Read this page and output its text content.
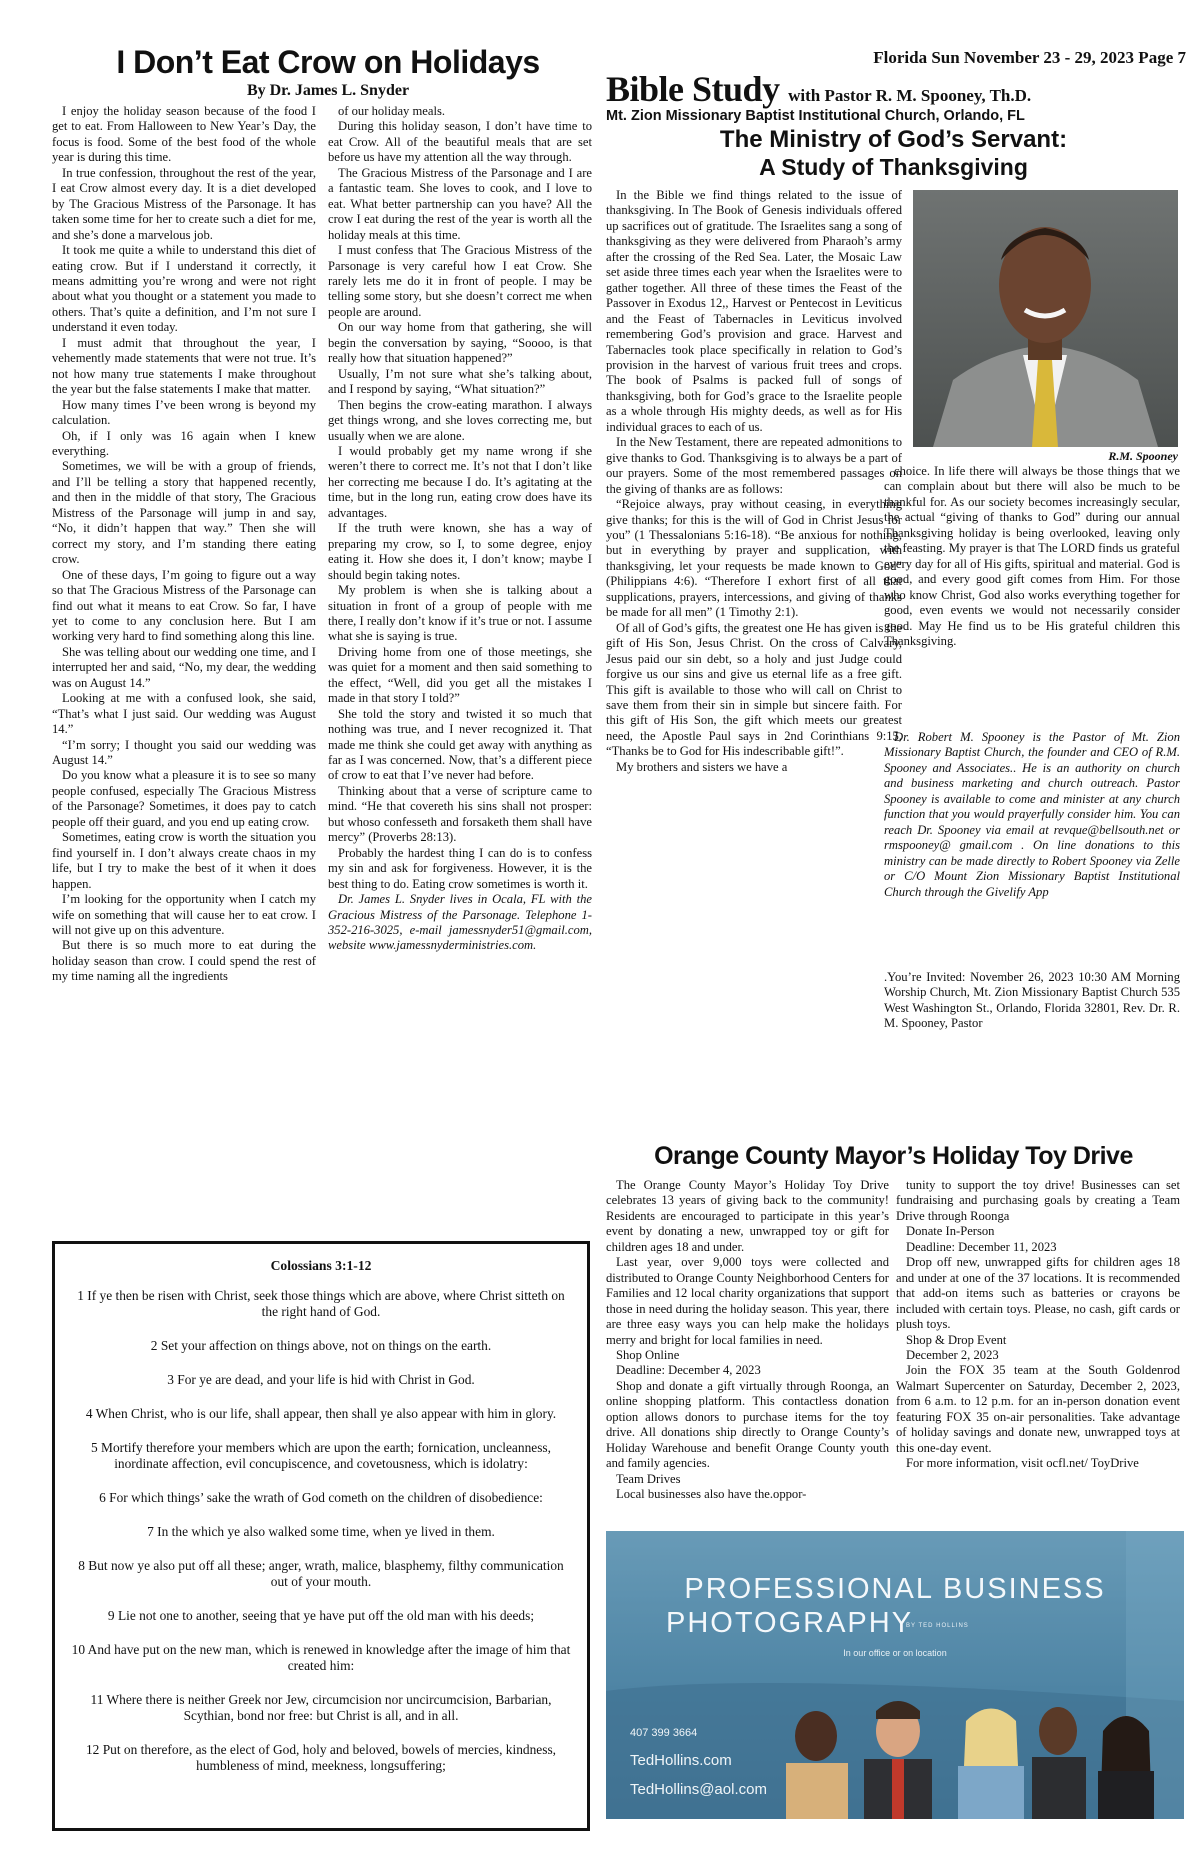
Florida Sun November 23 - 29, 2023 Page 7
I Don’t Eat Crow on Holidays
By Dr. James L. Snyder

I enjoy the holiday season because of the food I get to eat. From Halloween to New Year’s Day, the focus is food. Some of the best food of the whole year is during this time.

In true confession, throughout the rest of the year, I eat Crow almost every day. It is a diet developed by The Gracious Mistress of the Parsonage. It has taken some time for her to create such a diet for me, and she’s done a marvelous job.

It took me quite a while to understand this diet of eating crow. But if I understand it correctly, it means admitting you’re wrong and were not right about what you thought or a statement you made to others. That’s quite a definition, and I’m not sure I understand it even today.

I must admit that throughout the year, I vehemently made statements that were not true. It’s not how many true statements I make throughout the year but the false statements I make that matter.

How many times I’ve been wrong is beyond my calculation.

Oh, if I only was 16 again when I knew everything.

Sometimes, we will be with a group of friends, and I’ll be telling a story that happened recently, and then in the middle of that story, The Gracious Mistress of the Parsonage will jump in and say, “No, it didn’t happen that way.” Then she will correct my story, and I’m standing there eating crow.

One of these days, I’m going to figure out a way so that The Gracious Mistress of the Parsonage can find out what it means to eat Crow. So far, I have yet to come to any conclusion here. But I am working very hard to find something along this line.

She was telling about our wedding one time, and I interrupted her and said, “No, my dear, the wedding was on August 14.”

Looking at me with a confused look, she said, “That’s what I just said. Our wedding was August 14.”

“I’m sorry; I thought you said our wedding was August 14.”

Do you know what a pleasure it is to see so many people confused, especially The Gracious Mistress of the Parsonage? Sometimes, it does pay to catch people off their guard, and you end up eating crow.

Sometimes, eating crow is worth the situation you find yourself in. I don’t always create chaos in my life, but I try to make the best of it when it does happen.

I’m looking for the opportunity when I catch my wife on something that will cause her to eat crow. I will not give up on this adventure.

But there is so much more to eat during the holiday season than crow. I could spend the rest of my time naming all the ingredients

of our holiday meals.

During this holiday season, I don’t have time to eat Crow. All of the beautiful meals that are set before us have my attention all the way through.

The Gracious Mistress of the Parsonage and I are a fantastic team. She loves to cook, and I love to eat. What better partnership can you have? All the crow I eat during the rest of the year is worth all the holiday meals at this time.

I must confess that The Gracious Mistress of the Parsonage is very careful how I eat Crow. She rarely lets me do it in front of people. I may be telling some story, but she doesn’t correct me when people are around.

On our way home from that gathering, she will begin the conversation by saying, “Soooo, is that really how that situation happened?”

Usually, I’m not sure what she’s talking about, and I respond by saying, “What situation?”

Then begins the crow-eating marathon. I always get things wrong, and she loves correcting me, but usually when we are alone.

I would probably get my name wrong if she weren’t there to correct me. It’s not that I don’t like her correcting me because I do. It’s agitating at the time, but in the long run, eating crow does have its advantages.

If the truth were known, she has a way of preparing my crow, so I, to some degree, enjoy eating it. How she does it, I don’t know; maybe I should begin taking notes.

My problem is when she is talking about a situation in front of a group of people with me there, I really don’t know if it’s true or not. I assume what she is saying is true.

Driving home from one of those meetings, she was quiet for a moment and then said something to the effect, “Well, did you get all the mistakes I made in that story I told?”

She told the story and twisted it so much that nothing was true, and I never recognized it. That made me think she could get away with anything as far as I was concerned. Now, that’s a different piece of crow to eat that I’ve never had before.

Thinking about that a verse of scripture came to mind. “He that covereth his sins shall not prosper: but whoso confesseth and forsaketh them shall have mercy” (Proverbs 28:13).

Probably the hardest thing I can do is to confess my sin and ask for forgiveness. However, it is the best thing to do. Eating crow sometimes is worth it.

Dr. James L. Snyder lives in Ocala, FL with the Gracious Mistress of the Parsonage. Telephone 1-352-216-3025, e-mail jamessnyder51@gmail.com, website www.jamessnyderministries.com.

Bible Study with Pastor R. M. Spooney, Th.D.
Mt. Zion Missionary Baptist Institutional Church, Orlando, FL
The Ministry of God’s Servant:
A Study of Thanksgiving

In the Bible we find things related to the issue of thanksgiving. In The Book of Genesis individuals offered up sacrifices out of gratitude. The Israelites sang a song of thanksgiving as they were delivered from Pharaoh’s army after the crossing of the Red Sea. Later, the Mosaic Law set aside three times each year when the Israelites were to gather together. All three of these times the Feast of the Passover in Exodus 12,, Harvest or Pentecost in Leviticus and the Feast of Tabernacles in Leviticus involved remembering God’s provision and grace. Harvest and Tabernacles took place specifically in relation to God’s provision in the harvest of various fruit trees and crops. The book of Psalms is packed full of songs of thanksgiving, both for God’s grace to the Israelite people as a whole through His mighty deeds, as well as for His individual graces to each of us.

In the New Testament, there are repeated admonitions to give thanks to God. Thanksgiving is to always be a part of our prayers. Some of the most remembered passages on the giving of thanks are as follows:

“Rejoice always, pray without ceasing, in everything give thanks; for this is the will of God in Christ Jesus for you” (1 Thessalonians 5:16-18). “Be anxious for nothing, but in everything by prayer and supplication, with thanksgiving, let your requests be made known to God” (Philippians 4:6). “Therefore I exhort first of all that supplications, prayers, intercessions, and giving of thanks be made for all men” (1 Timothy 2:1).

Of all of God’s gifts, the greatest one He has given is the gift of His Son, Jesus Christ. On the cross of Calvary, Jesus paid our sin debt, so a holy and just Judge could forgive us our sins and give us eternal life as a free gift. This gift is available to those who will call on Christ to save them from their sin in simple but sincere faith. For this gift of His Son, the gift which meets our greatest need, the Apostle Paul says in 2nd Corinthians 9:15, “Thanks be to God for His indescribable gift!”.

My brothers and sisters we have a

R.M. Spooney

choice. In life there will always be those things that we can complain about but there will also be much to be thankful for. As our society becomes increasingly secular, the actual “giving of thanks to God” during our annual Thanksgiving holiday is being overlooked, leaving only the feasting. My prayer is that The LORD finds us grateful every day for all of His gifts, spiritual and material. God is good, and every good gift comes from Him. For those who know Christ, God also works everything together for good, even events we would not necessarily consider good. May He find us to be His grateful children this Thanksgiving.

Dr. Robert M. Spooney is the Pastor of Mt. Zion Missionary Baptist Church, the founder and CEO of R.M. Spooney and Associates.. He is an authority on church and business marketing and church outreach. Pastor Spooney is available to come and minister at any church function that you would prayerfully consider him. You can reach Dr. Spooney via email at revque@bellsouth.net or rmspooney@ gmail.com . On line donations to this ministry can be made directly to Robert Spooney via Zelle or C/O Mount Zion Missionary Baptist Institutional Church through the Givelify App
.You’re Invited: November 26, 2023 10:30 AM Morning Worship Church, Mt. Zion Missionary Baptist Church 535 West Washington St., Orlando, Florida 32801, Rev. Dr. R. M. Spooney, Pastor
Orange County Mayor’s Holiday Toy Drive

The Orange County Mayor’s Holiday Toy Drive celebrates 13 years of giving back to the community! Residents are encouraged to participate in this year’s event by donating a new, unwrapped toy or gift for children ages 18 and under.

Last year, over 9,000 toys were collected and distributed to Orange County Neighborhood Centers for Families and 12 local charity organizations that support those in need during the holiday season. This year, there are three easy ways you can help make the holidays merry and bright for local families in need.

Shop Online

Deadline: December 4, 2023

Shop and donate a gift virtually through Roonga, an online shopping platform. This contactless donation option allows donors to purchase items for the toy drive. All donations ship directly to Orange County’s Holiday Warehouse and benefit Orange County youth and family agencies.

Team Drives

Local businesses also have the.oppor-

tunity to support the toy drive! Businesses can set fundraising and purchasing goals by creating a Team Drive through Roonga

Donate In-Person

Deadline: December 11, 2023

Drop off new, unwrapped gifts for children ages 18 and under at one of the 37 locations. It is recommended that add-on items such as batteries or crayons be included with certain toys. Please, no cash, gift cards or plush toys.

Shop & Drop Event

December 2, 2023

Join the FOX 35 team at the South Goldenrod Walmart Supercenter on Saturday, December 2, 2023, from 6 a.m. to 12 p.m. for an in-person donation event featuring FOX 35 on-air personalities. Take advantage of holiday savings and donate new, unwrapped toys at this one-day event.

For more information, visit ocfl.net/ ToyDrive

Colossians 3:1-12

1 If ye then be risen with Christ, seek those things which are above, where Christ sitteth on the right hand of God.

2 Set your affection on things above, not on things on the earth.

3 For ye are dead, and your life is hid with Christ in God.

4 When Christ, who is our life, shall appear, then shall ye also appear with him in glory.

5 Mortify therefore your members which are upon the earth; fornication, uncleanness, inordinate affection, evil concupiscence, and covetousness, which is idolatry:

6 For which things’ sake the wrath of God cometh on the children of disobedience:

7 In the which ye also walked some time, when ye lived in them.

8 But now ye also put off all these; anger, wrath, malice, blasphemy, filthy communication out of your mouth.

9 Lie not one to another, seeing that ye have put off the old man with his deeds;

10 And have put on the new man, which is renewed in knowledge after the image of him that created him:

11 Where there is neither Greek nor Jew, circumcision nor uncircumcision, Barbarian, Scythian, bond nor free: but Christ is all, and in all.

12 Put on therefore, as the elect of God, holy and beloved, bowels of mercies, kindness, humbleness of mind, meekness, longsuffering;

PROFESSIONAL BUSINESS
PHOTOGRAPHY
BY TED HOLLINS
In our office or on location
407 399 3664
TedHollins.com
TedHollins@aol.com
